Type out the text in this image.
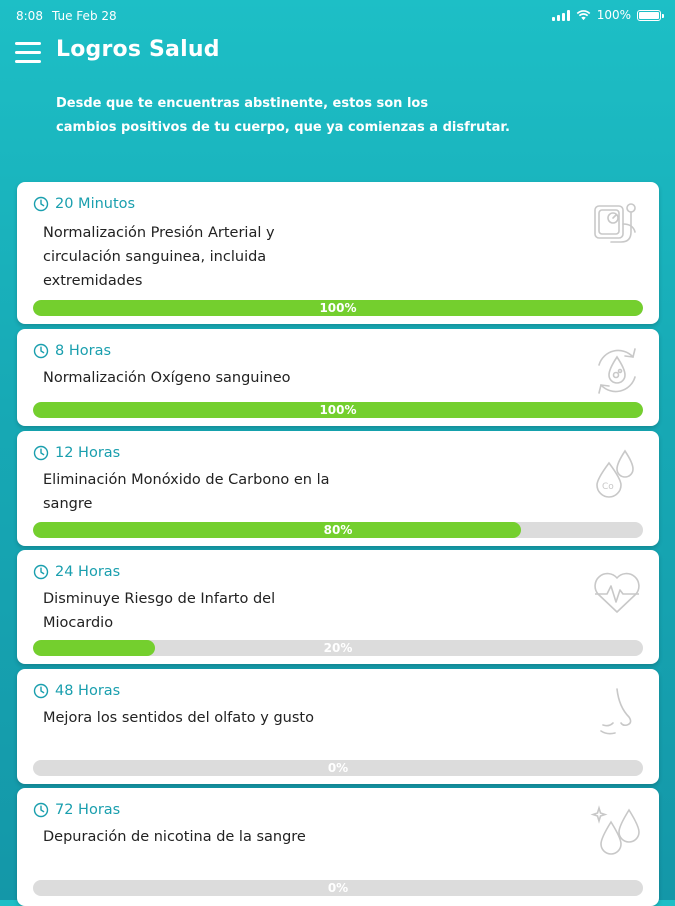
8:08 Tue Feb 28	100%
Logros Salud
Desde que te encuentras abstinente, estos son los
cambios positivos de tu cuerpo, que ya comienzas a disfrutar.
20 Minutos
Normalización Presión Arterial y circulación sanguinea, incluida extremidades
100%
8 Horas
Normalización Oxígeno sanguineo
100%
12 Horas
Eliminación Monóxido de Carbono en la sangre
Co
80%
24 Horas
Disminuye Riesgo de Infarto del Miocardio
20%
48 Horas
Mejora los sentidos del olfato y gusto
0%
72 Horas
Depuración de nicotina de la sangre
0%
